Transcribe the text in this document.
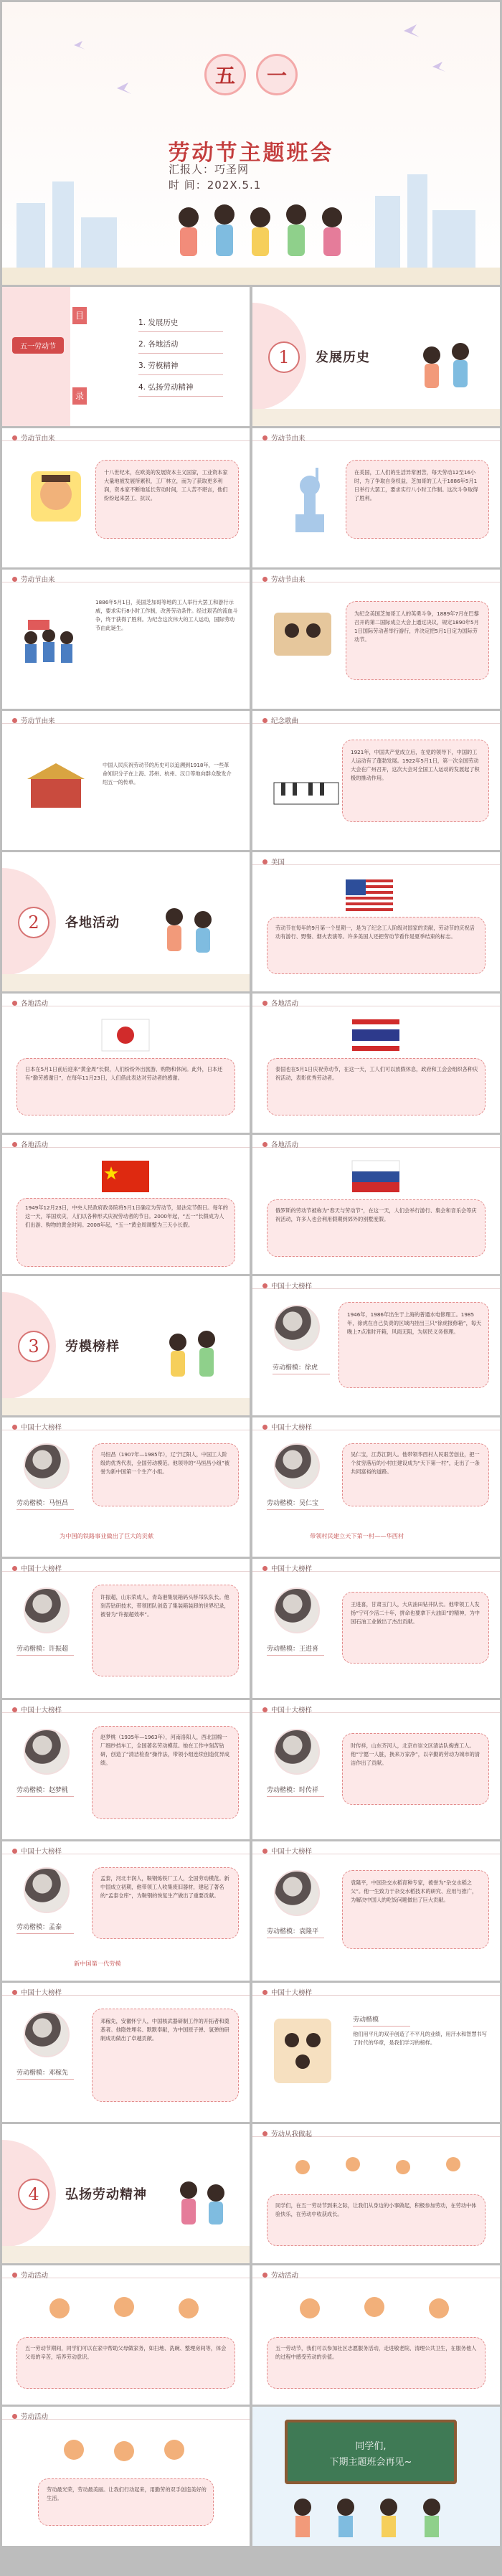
五	一
劳动节主题班会
汇报人：巧圣网
时 间：202X.5.1
五一劳动节
目
录
1. 发展历史
2. 各地活动
3. 劳模精神
4. 弘扬劳动精神
1	发展历史
劳动节由来
十八世纪末，在欧美的发展资本主义国家，工业资本家大量地被发展所累积，工厂林立，而为了获取更多利润，资本家不断地延长劳动时间，工人苦不堪言，他们纷纷起来罢工、抗议。
劳动节由来
在美国，工人们的生活异常困苦，每天劳动12至16小时，为了争取自身权益，芝加哥的工人于1886年5月1日举行大罢工，要求实行八小时工作制。这次斗争取得了胜利。
劳动节由来
1886年5月1日，美国芝加哥等地的工人举行大罢工和游行示威，要求实行8小时工作制，改善劳动条件。经过艰苦的流血斗争，终于获得了胜利。为纪念这次伟大的工人运动，国际劳动节由此诞生。
劳动节由来
为纪念美国芝加哥工人的英勇斗争，1889年7月在巴黎召开的第二国际成立大会上通过决议，规定1890年5月1日国际劳动者举行游行，并决定把5月1日定为国际劳动节。
劳动节由来
中国人民庆祝劳动节的历史可以追溯到1918年，一些革命知识分子在上海、苏州、杭州、汉口等地向群众散发介绍五一的传单。
纪念歌曲
1921年，中国共产党成立后，在党的领导下，中国的工人运动有了蓬勃发展。1922年5月1日，第一次全国劳动大会在广州召开，这次大会对全国工人运动的发展起了积极的推动作用。
2	各地活动
美国
劳动节在每年的9月第一个星期一，是为了纪念工人阶级对国家的贡献，劳动节的庆祝活动有游行、野餐、烟火表演等。许多美国人还把劳动节看作是夏季结束的标志。
各地活动
日本在5月1日前后迎来“黄金周”长假，人们纷纷外出旅游、购物和休闲。此外，日本还有“勤劳感谢日”，在每年11月23日，人们借此表达对劳动者的感谢。
各地活动
泰国也在5月1日庆祝劳动节，在这一天，工人们可以放假休息，政府和工会会组织各种庆祝活动，表彰优秀劳动者。
各地活动
1949年12月23日，中央人民政府政务院将5月1日确定为劳动节，是法定节假日。每年的这一天，举国欢庆，人们以各种形式庆祝劳动者的节日。2000年起，“五一”长假成为人们出游、购物的黄金时间。2008年起，“五一”黄金周调整为三天小长假。
各地活动
俄罗斯的劳动节被称为“春天与劳动节”，在这一天，人们会举行游行、集会和音乐会等庆祝活动，许多人也会利用假期到郊外的别墅度假。
3	劳模榜样
中国十大榜样
劳动楷模：徐虎
1946年，1986年出生于上海的普通水电修理工。1985年，徐虎在自己负责的区域内挂出三只“徐虎报修箱”，每天晚上7点准时开箱，风雨无阻，为居民义务修理。
中国十大榜样
劳动楷模：马恒昌
马恒昌（1907年—1985年），辽宁辽阳人，中国工人阶级的优秀代表，全国劳动模范。他领导的“马恒昌小组”被誉为新中国第一个生产小组。
为中国的铁路事业做出了巨大的贡献
中国十大榜样
劳动楷模：吴仁宝
吴仁宝，江苏江阴人。他带领华西村人民艰苦创业，把一个贫穷落后的小村庄建设成为“天下第一村”，走出了一条共同富裕的道路。
带领村民建立天下第一村——华西村
中国十大榜样
劳动楷模：许振超
许振超，山东荣成人，青岛港集装箱码头桥吊队队长。他刻苦钻研技术，带领团队创造了集装箱装卸的世界纪录，被誉为“许振超效率”。
中国十大榜样
劳动楷模：王进喜
王进喜，甘肃玉门人，大庆油田钻井队长。他带领工人发扬“宁可少活二十年，拼命也要拿下大油田”的精神，为中国石油工业做出了杰出贡献。
中国十大榜样
劳动楷模：赵梦桃
赵梦桃（1935年—1963年），河南洛阳人，西北国棉一厂细纱挡车工，全国著名劳动模范。她在工作中刻苦钻研，创造了“清洁检查”操作法，带领小组连续创造优异成绩。
中国十大榜样
劳动楷模：时传祥
时传祥，山东齐河人，北京市崇文区清洁队掏粪工人。他“宁愿一人脏，换来万家净”，以辛勤的劳动为城市的清洁作出了贡献。
中国十大榜样
劳动楷模：孟泰
孟泰，河北丰润人，鞍钢炼铁厂工人，全国劳动模范。新中国成立初期，他带领工人收集废旧器材，建起了著名的“孟泰仓库”，为鞍钢的恢复生产做出了重要贡献。
新中国第一代劳模
中国十大榜样
劳动楷模：袁隆平
袁隆平，中国杂交水稻育种专家，被誉为“杂交水稻之父”。他一生致力于杂交水稻技术的研究、应用与推广，为解决中国人的吃饭问题做出了巨大贡献。
中国十大榜样
劳动楷模：邓稼先
邓稼先，安徽怀宁人，中国核武器研制工作的开拓者和奠基者。他隐姓埋名、默默奉献，为中国原子弹、氢弹的研制成功做出了卓越贡献。
中国十大榜样
劳动楷模
他们用平凡的双手创造了不平凡的业绩，用汗水和智慧书写了时代的华章，是我们学习的榜样。
4	弘扬劳动精神
劳动从我做起
同学们，在五一劳动节到来之际，让我们从身边的小事做起，积极参加劳动，在劳动中体验快乐，在劳动中收获成长。
劳动活动
五一劳动节期间，同学们可以在家中帮助父母做家务，如扫地、洗碗、整理房间等，体会父母的辛苦，培养劳动意识。
劳动活动
五一劳动节，我们可以参加社区志愿服务活动，走进敬老院、清理公共卫生，在服务他人的过程中感受劳动的价值。
劳动活动
劳动最光荣，劳动最美丽。让我们行动起来，用勤劳的双手创造美好的生活。
同学们,
下期主题班会再见~
